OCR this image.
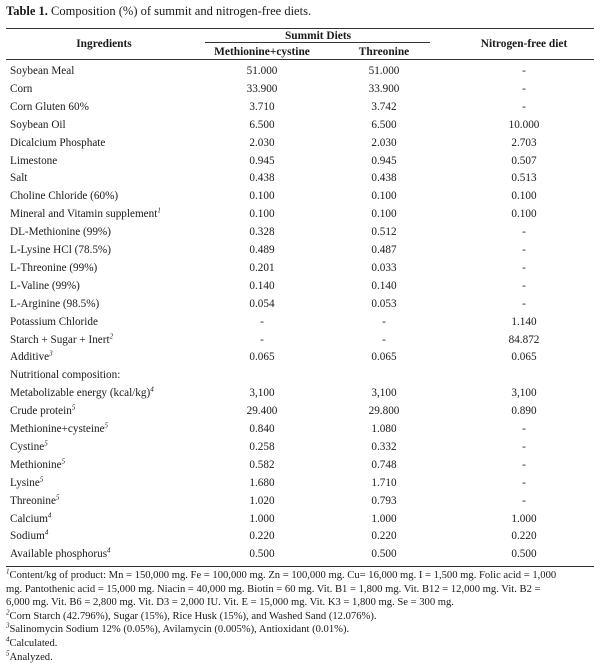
Table 1. Composition (%) of summit and nitrogen-free diets.
Ingredients
Summit Diets
Methionine+cystine	Threonine
Nitrogen-free diet
Soybean Meal	51.000	51.000	-
Corn	33.900	33.900	-
Corn Gluten 60%	3.710	3.742	-
Soybean Oil	6.500	6.500	10.000
Dicalcium Phosphate	2.030	2.030	2.703
Limestone	0.945	0.945	0.507
Salt	0.438	0.438	0.513
Choline Chloride (60%)	0.100	0.100	0.100
Mineral and Vitamin supplement$^1$	0.100	0.100	0.100
DL-Methionine (99%)	0.328	0.512	-
L-Lysine HCl (78.5%)	0.489	0.487	-
L-Threonine (99%)	0.201	0.033	-
L-Valine (99%)	0.140	0.140	-
L-Arginine (98.5%)	0.054	0.053	-
Potassium Chloride	-	-	1.140
Starch + Sugar + Inert$^2$	-	-	84.872
Additive$^3$	0.065	0.065	0.065
Nutritional composition:
Metabolizable energy (kcal/kg)$^4$	3,100	3,100	3,100
Crude protein$^5$	29.400	29.800	0.890
Methionine+cysteine$^5$	0.840	1.080	-
Cystine$^5$	0.258	0.332	-
Methionine$^5$	0.582	0.748	-
Lysine$^5$	1.680	1.710	-
Threonine$^5$	1.020	0.793	-
Calcium$^4$	1.000	1.000	1.000
Sodium$^4$	0.220	0.220	0.220
Available phosphorus$^4$	0.500	0.500	0.500
$^1$Content/kg of product: Mn = 150,000 mg. Fe = 100,000 mg. Zn = 100,000 mg. Cu= 16,000 mg. I = 1,500 mg. Folic acid = 1,000
mg. Pantothenic acid = 15,000 mg. Niacin = 40,000 mg. Biotin = 60 mg. Vit. B1 = 1,800 mg. Vit. B12 = 12,000 mg. Vit. B2 =
6,000 mg. Vit. B6 = 2,800 mg. Vit. D3 = 2,000 IU. Vit. E = 15,000 mg. Vit. K3 = 1,800 mg. Se = 300 mg.
$^2$Corn Starch (42.796%), Sugar (15%), Rice Husk (15%), and Washed Sand (12.076%).
$^3$Salinomycin Sodium 12% (0.05%), Avilamycin (0.005%), Antioxidant (0.01%).
$^4$Calculated.
$^5$Analyzed.
